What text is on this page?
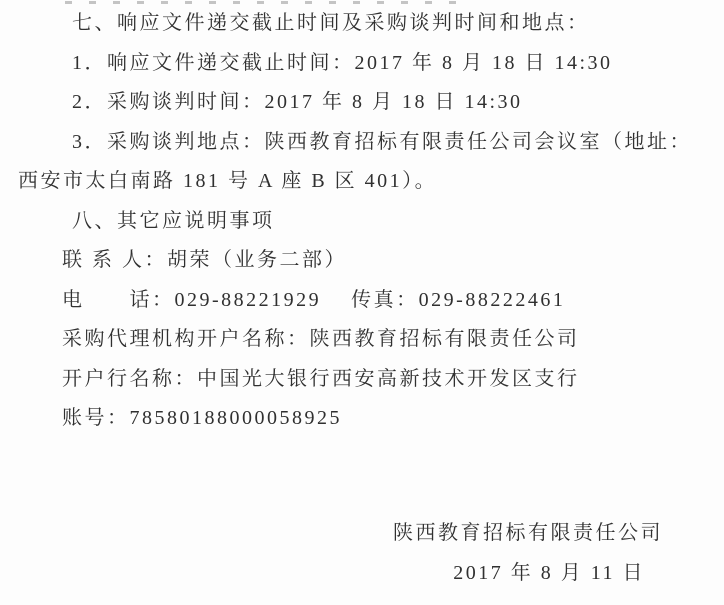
七、响应文件递交截止时间及采购谈判时间和地点：
1．响应文件递交截止时间：2017 年 8 月 18 日 14:30
2．采购谈判时间：2017 年 8 月 18 日 14:30
3．采购谈判地点：陕西教育招标有限责任公司会议室（地址：
西安市太白南路 181 号 A 座 B 区 401）。
八、其它应说明事项
联 系 人：胡荣（业务二部）
电　　话：029-88221929　 传真：029-88222461
采购代理机构开户名称：陕西教育招标有限责任公司
开户行名称：中国光大银行西安高新技术开发区支行
账号：78580188000058925
陕西教育招标有限责任公司
2017 年 8 月 11 日
